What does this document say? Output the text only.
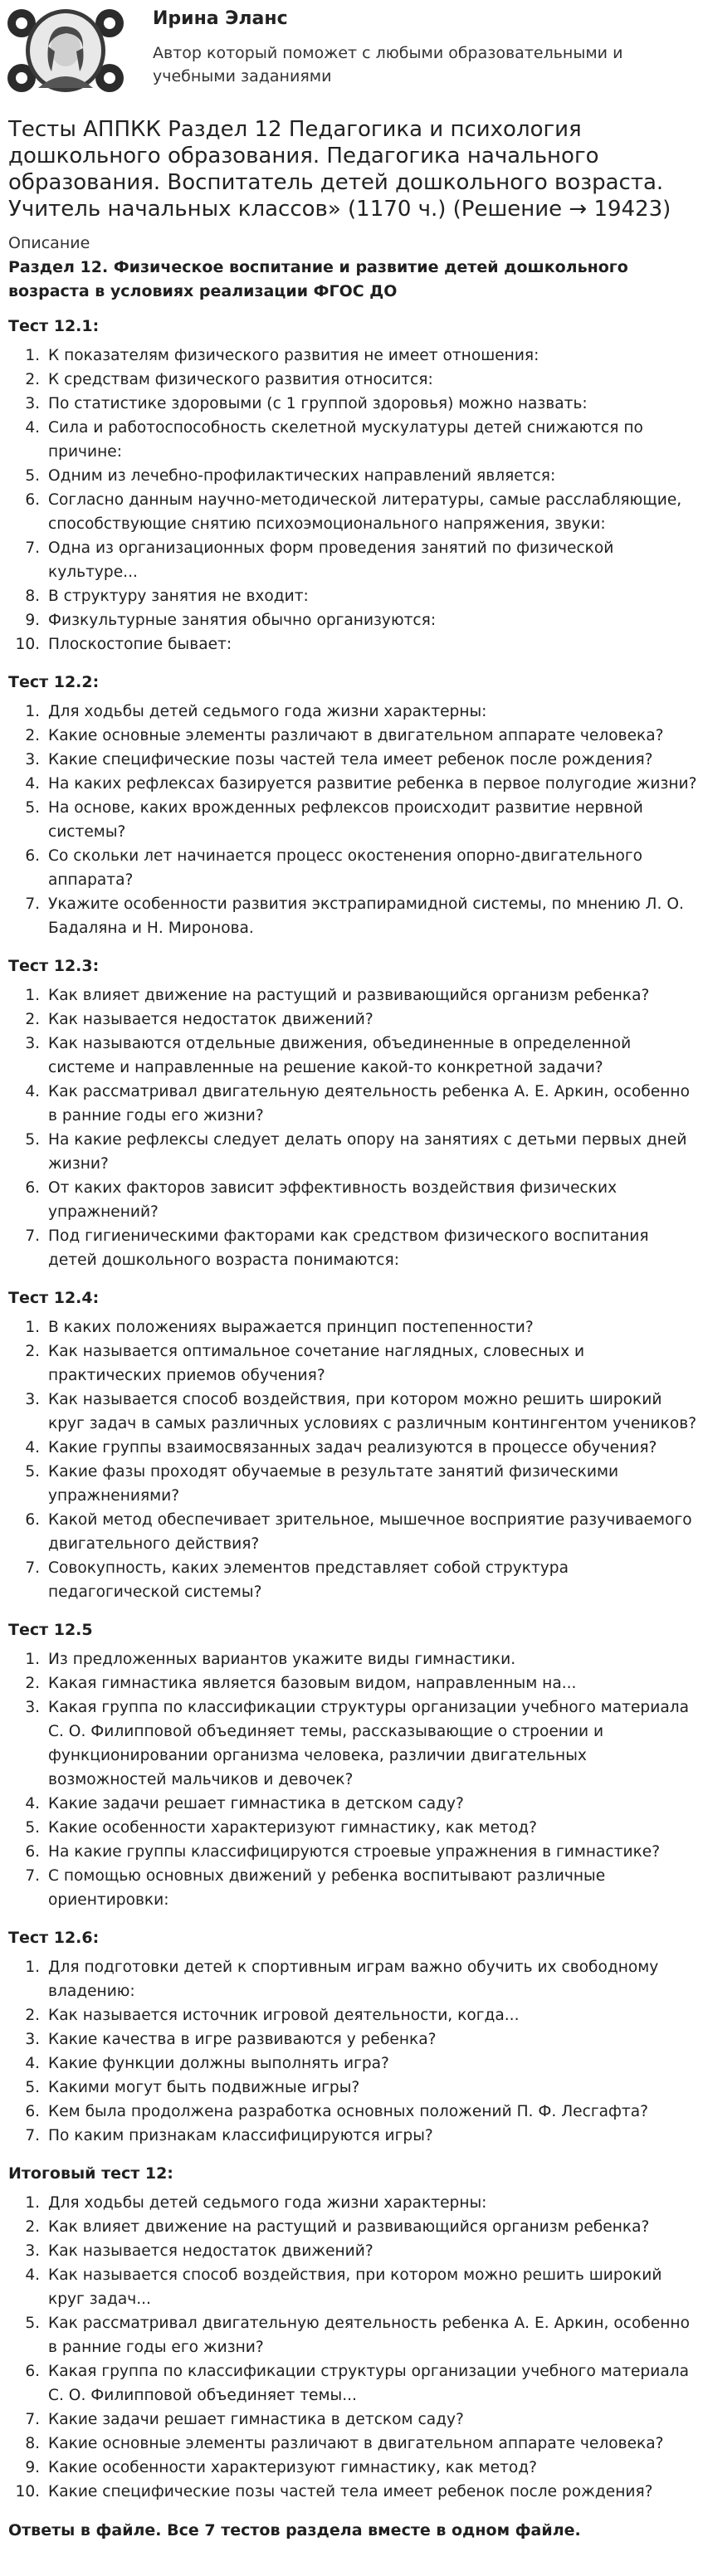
Ирина Эланс
Автор который поможет с любыми образовательными и учебными заданиями
Тесты АППКК Раздел 12 Педагогика и психология дошкольного образования. Педагогика начального образования. Воспитатель детей дошкольного возраста. Учитель начальных классов» (1170 ч.) (Решение → 19423)

Описание

Раздел 12. Физическое воспитание и развитие детей дошкольного возраста в условиях реализации ФГОС ДО
Тест 12.1:
1. К показателям физического развития не имеет отношения:
2. К средствам физического развития относится:
3. По статистике здоровыми (с 1 группой здоровья) можно назвать:
4. Сила и работоспособность скелетной мускулатуры детей снижаются по причине:
5. Одним из лечебно-профилактических направлений является:
6. Согласно данным научно-методической литературы, самые расслабляющие, способствующие снятию психоэмоционального напряжения, звуки:
7. Одна из организационных форм проведения занятий по физической культуре...
8. В структуру занятия не входит:
9. Физкультурные занятия обычно организуются:
10. Плоскостопие бывает:
Тест 12.2:
1. Для ходьбы детей седьмого года жизни характерны:
2. Какие основные элементы различают в двигательном аппарате человека?
3. Какие специфические позы частей тела имеет ребенок после рождения?
4. На каких рефлексах базируется развитие ребенка в первое полугодие жизни?
5. На основе, каких врожденных рефлексов происходит развитие нервной системы?
6. Со скольки лет начинается процесс окостенения опорно-двигательного аппарата?
7. Укажите особенности развития экстрапирамидной системы, по мнению Л. О. Бадаляна и Н. Миронова.
Тест 12.3:
1. Как влияет движение на растущий и развивающийся организм ребенка?
2. Как называется недостаток движений?
3. Как называются отдельные движения, объединенные в определенной системе и направленные на решение какой-то конкретной задачи?
4. Как рассматривал двигательную деятельность ребенка А. Е. Аркин, особенно в ранние годы его жизни?
5. На какие рефлексы следует делать опору на занятиях с детьми первых дней жизни?
6. От каких факторов зависит эффективность воздействия физических упражнений?
7. Под гигиеническими факторами как средством физического воспитания детей дошкольного возраста понимаются:
Тест 12.4:
1. В каких положениях выражается принцип постепенности?
2. Как называется оптимальное сочетание наглядных, словесных и практических приемов обучения?
3. Как называется способ воздействия, при котором можно решить широкий круг задач в самых различных условиях с различным контингентом учеников?
4. Какие группы взаимосвязанных задач реализуются в процессе обучения?
5. Какие фазы проходят обучаемые в результате занятий физическими упражнениями?
6. Какой метод обеспечивает зрительное, мышечное восприятие разучиваемого двигательного действия?
7. Совокупность, каких элементов представляет собой структура педагогической системы?
Тест 12.5
1. Из предложенных вариантов укажите виды гимнастики.
2. Какая гимнастика является базовым видом, направленным на...
3. Какая группа по классификации структуры организации учебного материала С. О. Филипповой объединяет темы, рассказывающие о строении и функционировании организма человека, различии двигательных возможностей мальчиков и девочек?
4. Какие задачи решает гимнастика в детском саду?
5. Какие особенности характеризуют гимнастику, как метод?
6. На какие группы классифицируются строевые упражнения в гимнастике?
7. С помощью основных движений у ребенка воспитывают различные ориентировки:
Тест 12.6:
1. Для подготовки детей к спортивным играм важно обучить их свободному владению:
2. Как называется источник игровой деятельности, когда...
3. Какие качества в игре развиваются у ребенка?
4. Какие функции должны выполнять игра?
5. Какими могут быть подвижные игры?
6. Кем была продолжена разработка основных положений П. Ф. Лесгафта?
7. По каким признакам классифицируются игры?
Итоговый тест 12:
1. Для ходьбы детей седьмого года жизни характерны:
2. Как влияет движение на растущий и развивающийся организм ребенка?
3. Как называется недостаток движений?
4. Как называется способ воздействия, при котором можно решить широкий круг задач...
5. Как рассматривал двигательную деятельность ребенка А. Е. Аркин, особенно в ранние годы его жизни?
6. Какая группа по классификации структуры организации учебного материала С. О. Филипповой объединяет темы...
7. Какие задачи решает гимнастика в детском саду?
8. Какие основные элементы различают в двигательном аппарате человека?
9. Какие особенности характеризуют гимнастику, как метод?
10. Какие специфические позы частей тела имеет ребенок после рождения?
Ответы в файле. Все 7 тестов раздела вместе в одном файле.
